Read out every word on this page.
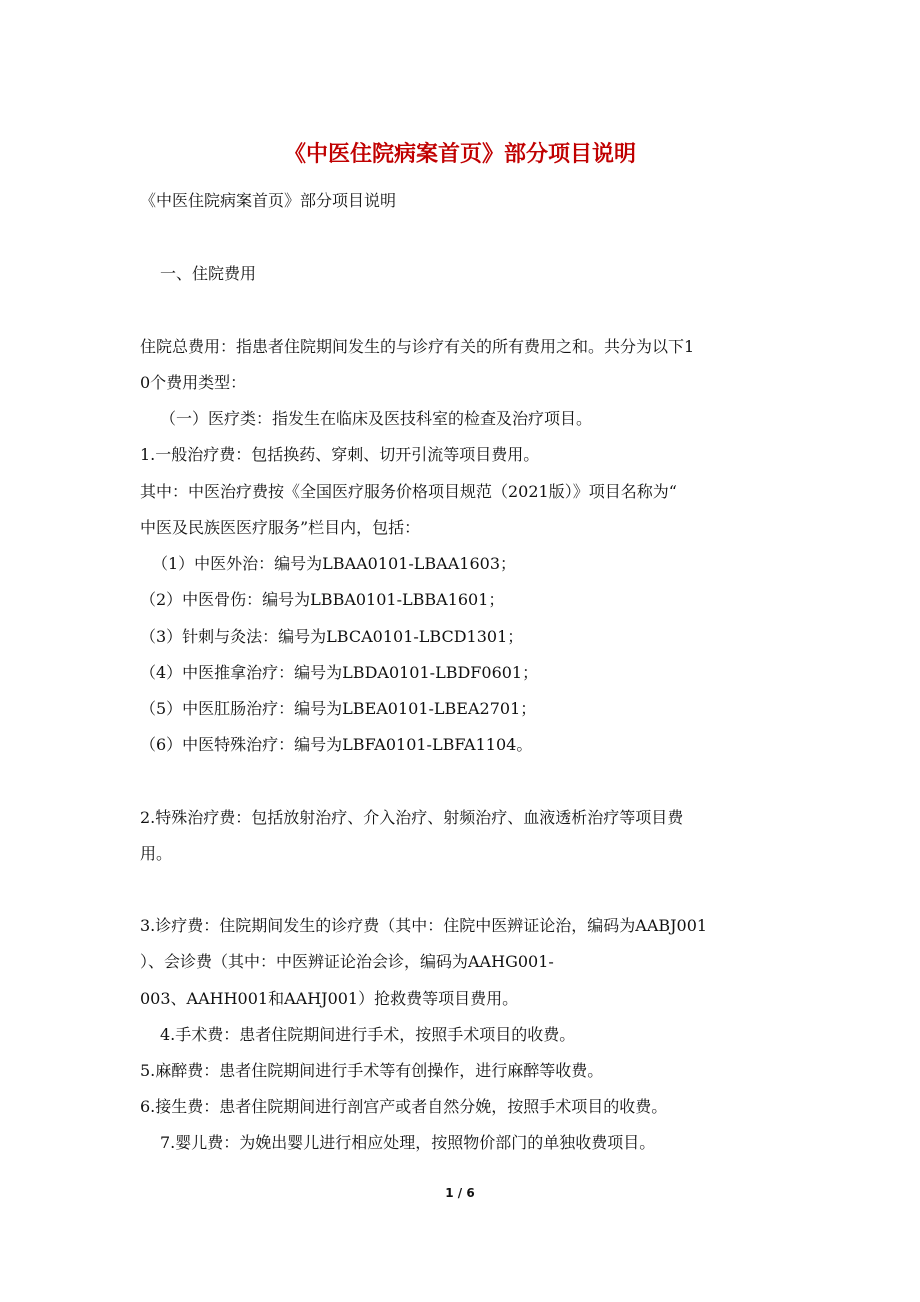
《中医住院病案首页》部分项目说明
《中医住院病案首页》部分项目说明
一、住院费用
住院总费用：指患者住院期间发生的与诊疗有关的所有费用之和。共分为以下1
0个费用类型：
（一）医疗类：指发生在临床及医技科室的检查及治疗项目。
1.一般治疗费：包括换药、穿刺、切开引流等项目费用。
其中：中医治疗费按《全国医疗服务价格项目规范（2021版）》项目名称为“
中医及民族医医疗服务”栏目内，包括：
（1）中医外治：编号为LBAA0101-LBAA1603；
（2）中医骨伤：编号为LBBA0101-LBBA1601；
（3）针刺与灸法：编号为LBCA0101-LBCD1301；
（4）中医推拿治疗：编号为LBDA0101-LBDF0601；
（5）中医肛肠治疗：编号为LBEA0101-LBEA2701；
（6）中医特殊治疗：编号为LBFA0101-LBFA1104。
2.特殊治疗费：包括放射治疗、介入治疗、射频治疗、血液透析治疗等项目费
用。
3.诊疗费：住院期间发生的诊疗费（其中：住院中医辨证论治，编码为AABJ001
）、会诊费（其中：中医辨证论治会诊，编码为AAHG001-
003、AAHH001和AAHJ001）抢救费等项目费用。
4.手术费：患者住院期间进行手术，按照手术项目的收费。
5.麻醉费：患者住院期间进行手术等有创操作，进行麻醉等收费。
6.接生费：患者住院期间进行剖宫产或者自然分娩，按照手术项目的收费。
7.婴儿费：为娩出婴儿进行相应处理，按照物价部门的单独收费项目。
1 / 6
